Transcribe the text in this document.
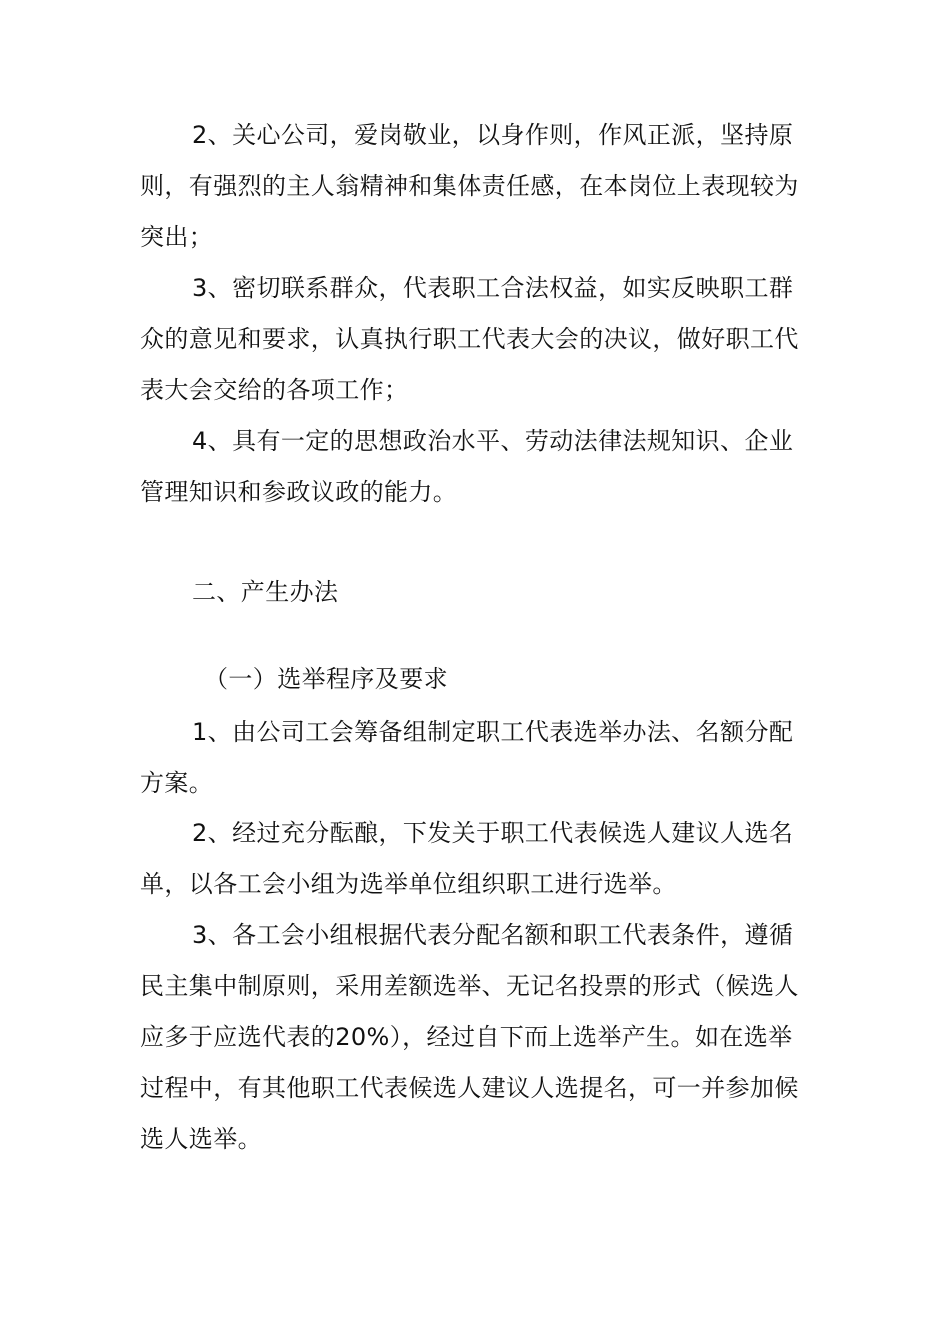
2、关心公司，爱岗敬业，以身作则，作风正派，坚持原则，有强烈的主人翁精神和集体责任感，在本岗位上表现较为突出；

3、密切联系群众，代表职工合法权益，如实反映职工群众的意见和要求，认真执行职工代表大会的决议，做好职工代表大会交给的各项工作；

4、具有一定的思想政治水平、劳动法律法规知识、企业管理知识和参政议政的能力。

二、产生办法

（一）选举程序及要求

1、由公司工会筹备组制定职工代表选举办法、名额分配方案。

2、经过充分酝酿，下发关于职工代表候选人建议人选名单，以各工会小组为选举单位组织职工进行选举。

3、各工会小组根据代表分配名额和职工代表条件，遵循民主集中制原则，采用差额选举、无记名投票的形式（候选人应多于应选代表的20%），经过自下而上选举产生。如在选举过程中，有其他职工代表候选人建议人选提名，可一并参加候选人选举。
